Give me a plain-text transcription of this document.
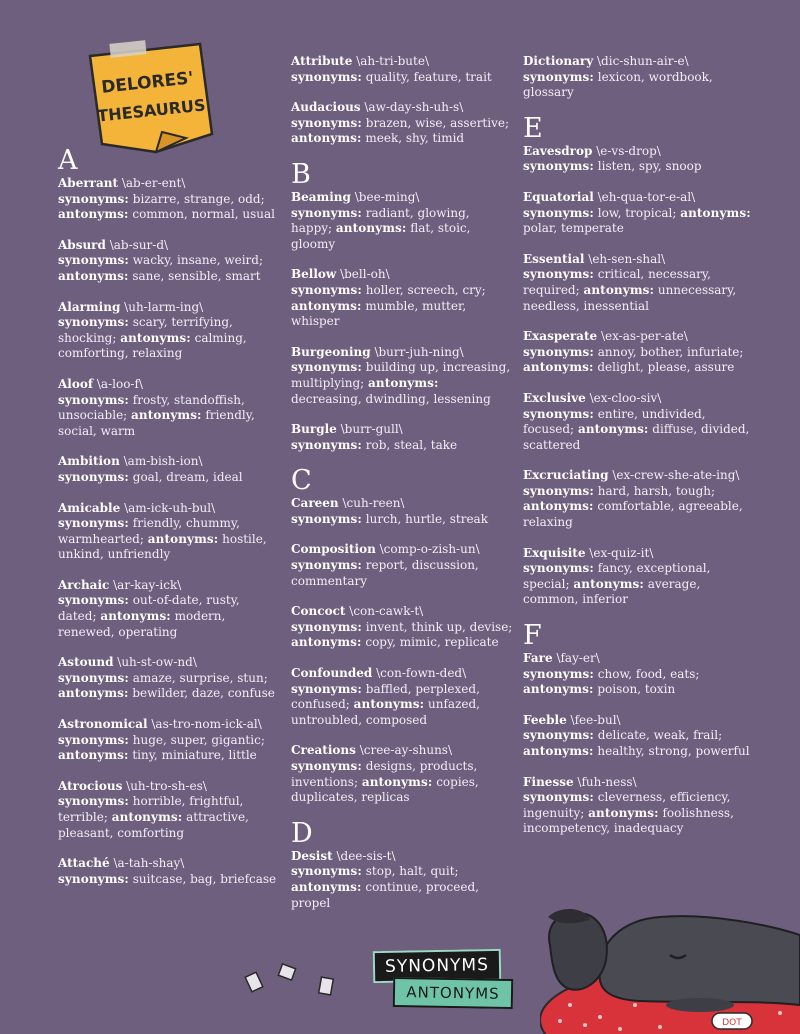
DELORES'
THESAURUS
A
Aberrant \ab-er-ent\
synonyms: bizarre, strange, odd; antonyms: common, normal, usual
Absurd \ab-sur-d\
synonyms: wacky, insane, weird; antonyms: sane, sensible, smart
Alarming \uh-larm-ing\
synonyms: scary, terrifying, shocking; antonyms: calming, comforting, relaxing
Aloof \a-loo-f\
synonyms: frosty, standoffish, unsociable; antonyms: friendly, social, warm
Ambition \am-bish-ion\
synonyms: goal, dream, ideal
Amicable \am-ick-uh-bul\
synonyms: friendly, chummy, warmhearted; antonyms: hostile, unkind, unfriendly
Archaic \ar-kay-ick\
synonyms: out-of-date, rusty, dated; antonyms: modern, renewed, operating
Astound \uh-st-ow-nd\
synonyms: amaze, surprise, stun; antonyms: bewilder, daze, confuse
Astronomical \as-tro-nom-ick-al\
synonyms: huge, super, gigantic; antonyms: tiny, miniature, little
Atrocious \uh-tro-sh-es\
synonyms: horrible, frightful, terrible; antonyms: attractive, pleasant, comforting
Attaché \a-tah-shay\
synonyms: suitcase, bag, briefcase
Attribute \ah-tri-bute\
synonyms: quality, feature, trait
Audacious \aw-day-sh-uh-s\
synonyms: brazen, wise, assertive; antonyms: meek, shy, timid
B
Beaming \bee-ming\
synonyms: radiant, glowing, happy; antonyms: flat, stoic, gloomy
Bellow \bell-oh\
synonyms: holler, screech, cry; antonyms: mumble, mutter, whisper
Burgeoning \burr-juh-ning\
synonyms: building up, increasing, multiplying; antonyms: decreasing, dwindling, lessening
Burgle \burr-gull\
synonyms: rob, steal, take
C
Careen \cuh-reen\
synonyms: lurch, hurtle, streak
Composition \comp-o-zish-un\
synonyms: report, discussion, commentary
Concoct \con-cawk-t\
synonyms: invent, think up, devise; antonyms: copy, mimic, replicate
Confounded \con-fown-ded\
synonyms: baffled, perplexed, confused; antonyms: unfazed, untroubled, composed
Creations \cree-ay-shuns\
synonyms: designs, products, inventions; antonyms: copies, duplicates, replicas
D
Desist \dee-sis-t\
synonyms: stop, halt, quit; antonyms: continue, proceed, propel
Dictionary \dic-shun-air-e\
synonyms: lexicon, wordbook, glossary
E
Eavesdrop \e-vs-drop\
synonyms: listen, spy, snoop
Equatorial \eh-qua-tor-e-al\
synonyms: low, tropical; antonyms: polar, temperate
Essential \eh-sen-shal\
synonyms: critical, necessary, required; antonyms: unnecessary, needless, inessential
Exasperate \ex-as-per-ate\
synonyms: annoy, bother, infuriate; antonyms: delight, please, assure
Exclusive \ex-cloo-siv\
synonyms: entire, undivided, focused; antonyms: diffuse, divided, scattered
Excruciating \ex-crew-she-ate-ing\
synonyms: hard, harsh, tough; antonyms: comfortable, agreeable, relaxing
Exquisite \ex-quiz-it\
synonyms: fancy, exceptional, special; antonyms: average, common, inferior
F
Fare \fay-er\
synonyms: chow, food, eats; antonyms: poison, toxin
Feeble \fee-bul\
synonyms: delicate, weak, frail; antonyms: healthy, strong, powerful
Finesse \fuh-ness\
synonyms: cleverness, efficiency, ingenuity; antonyms: foolishness, incompetency, inadequacy
SYNONYMS
ANTONYMS
DOT
